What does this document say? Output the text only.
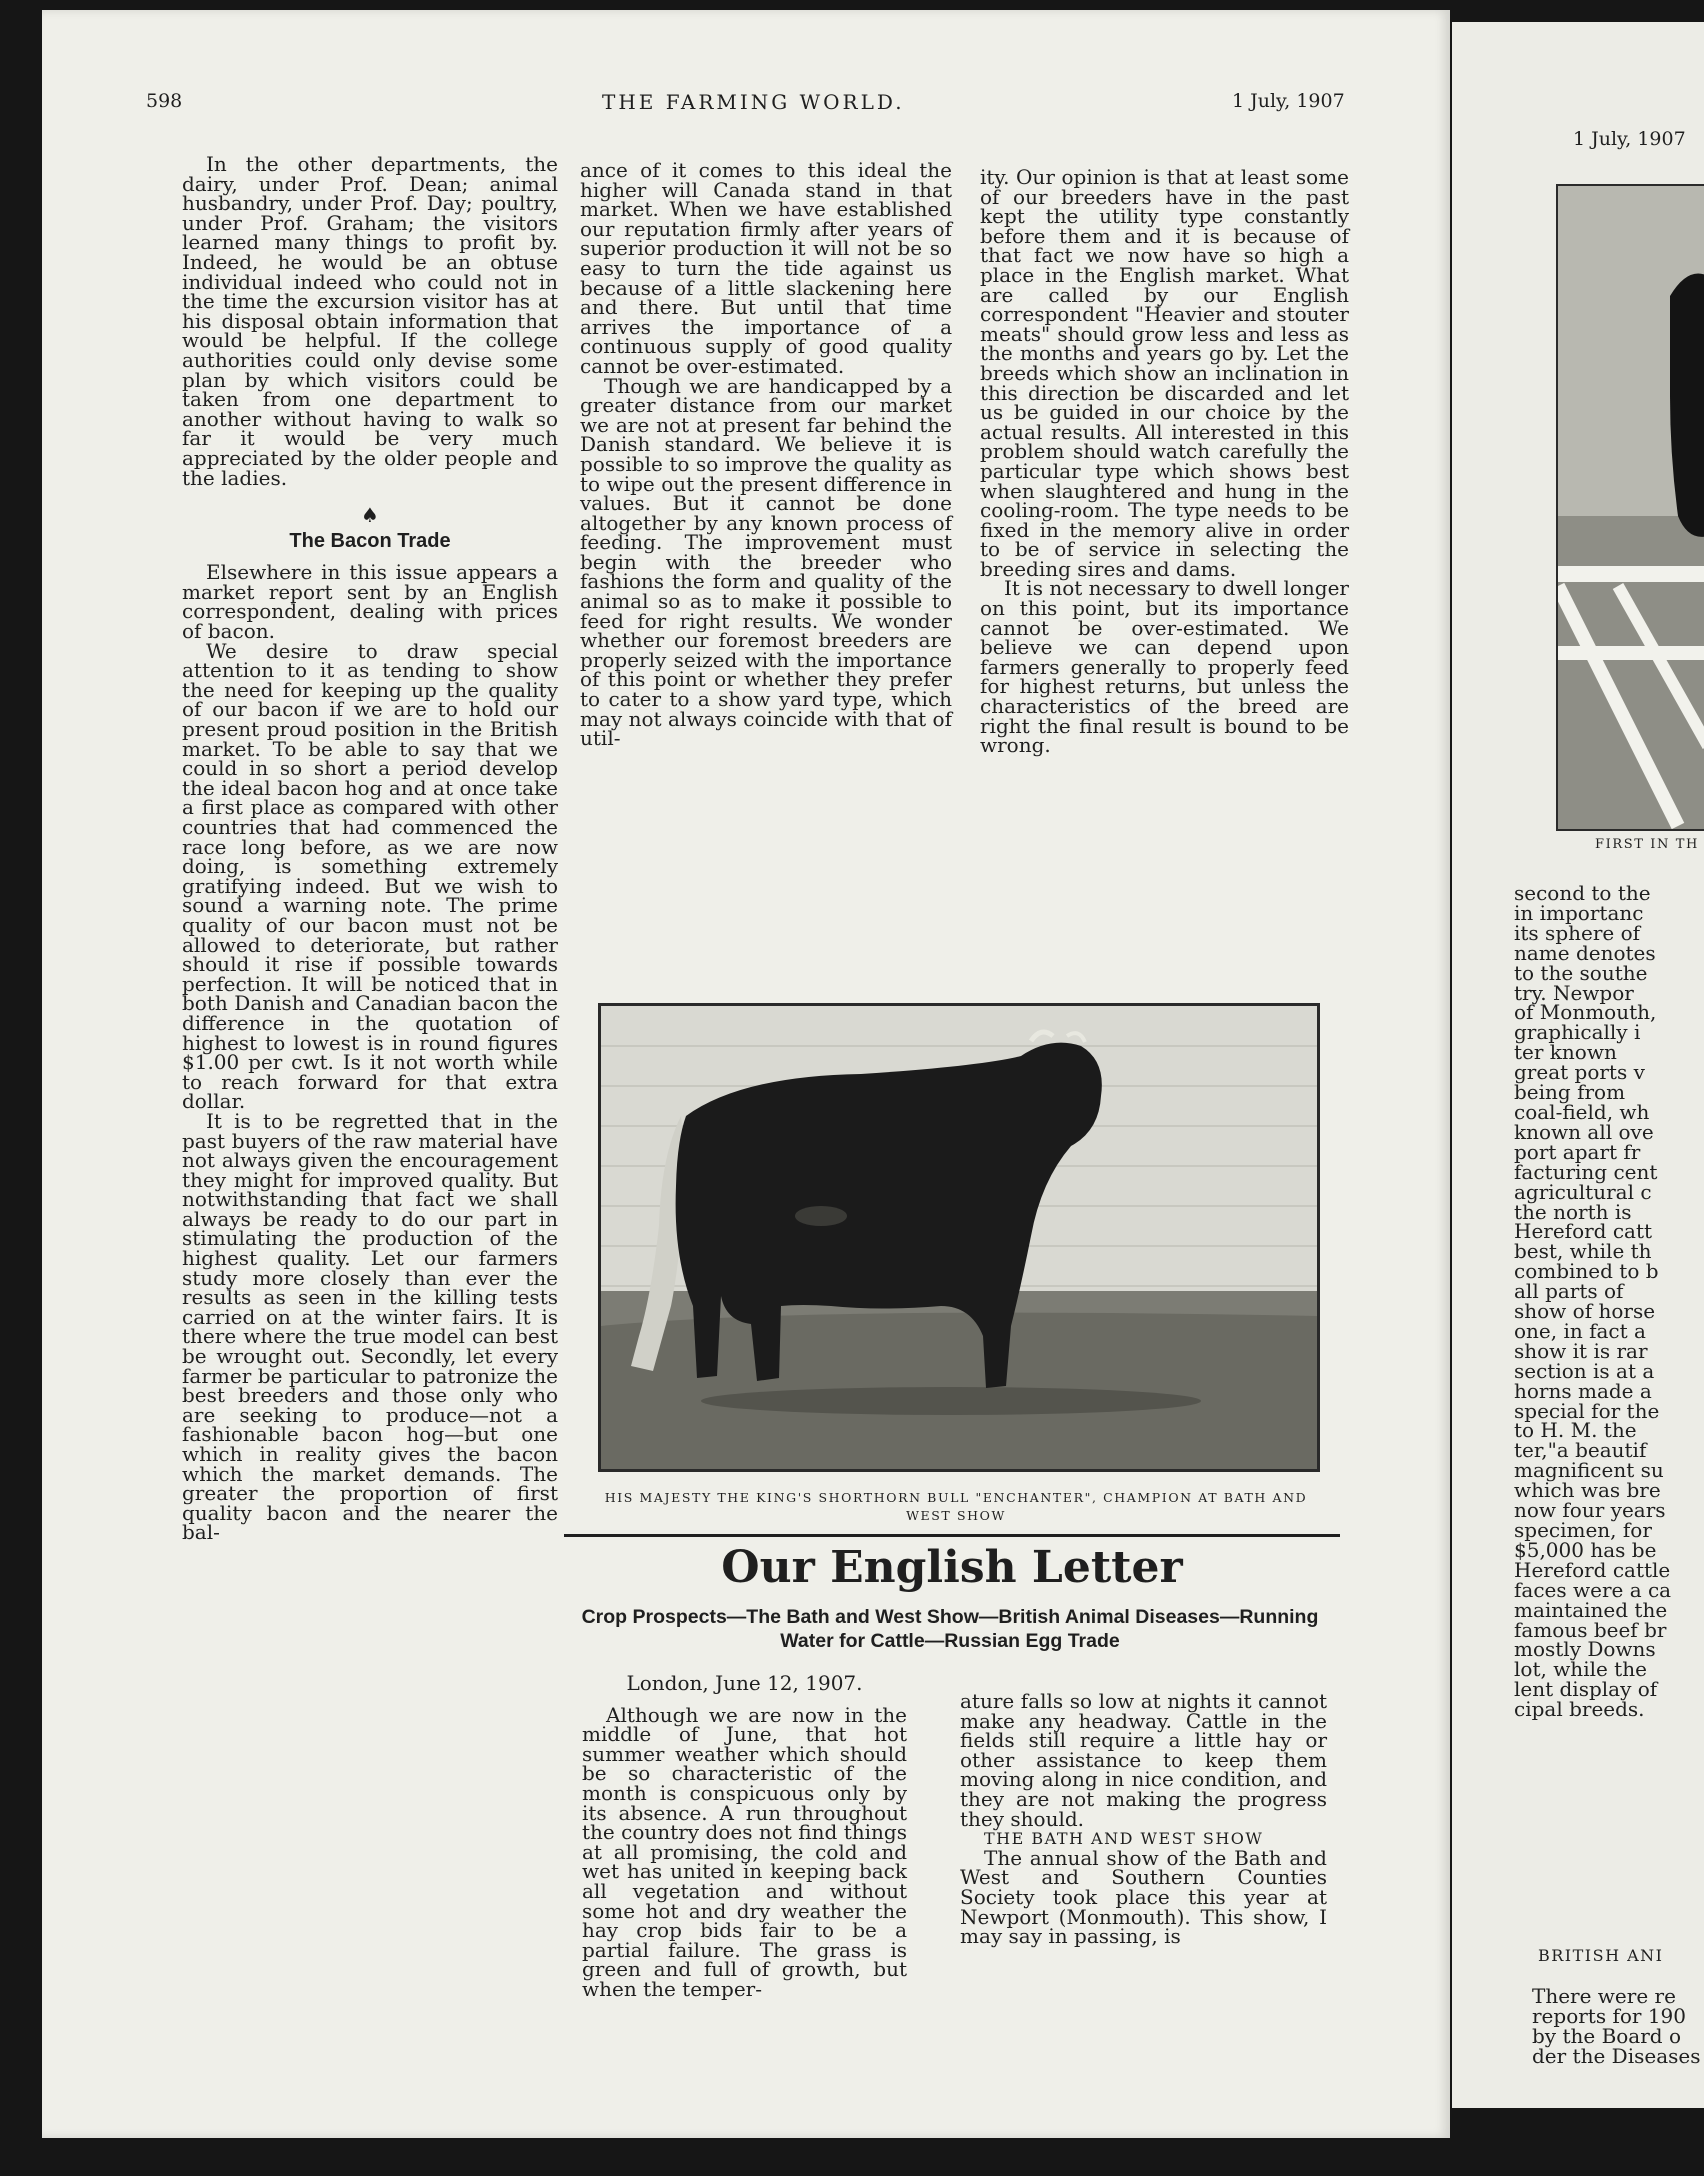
1 July, 1907
FIRST IN TH
second to the
in importanc
its sphere of
name denotes
to the southe
try. Newpor
of Monmouth,
graphically i
ter known
great ports v
being from
coal-field, wh
known all ove
port apart fr
facturing cent
agricultural c
the north is
Hereford catt
best, while th
combined to b
all parts of
show of horse
one, in fact a
show it is rar
section is at a
horns made a
special for the
to H. M. the
ter,"a beautif
magnificent su
which was bre
now four years
specimen, for
$5,000 has be
Hereford cattle
faces were a ca
maintained the
famous beef br
mostly Downs
lot, while the
lent display of
cipal breeds.
BRITISH ANI
There were re
reports for 190
by the Board o
der the Diseases
598	THE FARMING WORLD.	1 July, 1907

In the other departments, the dairy, under Prof. Dean; animal husbandry, under Prof. Day; poultry, under Prof. Graham; the visitors learned many things to profit by. Indeed, he would be an obtuse individual indeed who could not in the time the excursion visitor has at his disposal obtain information that would be helpful. If the college authorities could only devise some plan by which visitors could be taken from one department to another without having to walk so far it would be very much appreciated by the older people and the ladies.

♠
The Bacon Trade

Elsewhere in this issue appears a market report sent by an English correspondent, dealing with prices of bacon.

We desire to draw special attention to it as tending to show the need for keeping up the quality of our bacon if we are to hold our present proud position in the British market. To be able to say that we could in so short a period develop the ideal bacon hog and at once take a first place as compared with other countries that had commenced the race long before, as we are now doing, is something extremely gratifying indeed. But we wish to sound a warning note. The prime quality of our bacon must not be allowed to deteriorate, but rather should it rise if possible towards perfection. It will be noticed that in both Danish and Canadian bacon the difference in the quotation of highest to lowest is in round figures $1.00 per cwt. Is it not worth while to reach forward for that extra dollar.

It is to be regretted that in the past buyers of the raw material have not always given the encouragement they might for improved quality. But notwithstanding that fact we shall always be ready to do our part in stimulating the production of the highest quality. Let our farmers study more closely than ever the results as seen in the killing tests carried on at the winter fairs. It is there where the true model can best be wrought out. Secondly, let every farmer be particular to patronize the best breeders and those only who are seeking to produce—not a fashionable bacon hog—but one which in reality gives the bacon which the market demands. The greater the proportion of first quality bacon and the nearer the bal-

ance of it comes to this ideal the higher will Canada stand in that market. When we have established our reputation firmly after years of superior production it will not be so easy to turn the tide against us because of a little slackening here and there. But until that time arrives the importance of a continuous supply of good quality cannot be over-estimated.

Though we are handicapped by a greater distance from our market we are not at present far behind the Danish standard. We believe it is possible to so improve the quality as to wipe out the present difference in values. But it cannot be done altogether by any known process of feeding. The improvement must begin with the breeder who fashions the form and quality of the animal so as to make it possible to feed for right results. We wonder whether our foremost breeders are properly seized with the importance of this point or whether they prefer to cater to a show yard type, which may not always coincide with that of util-

ity. Our opinion is that at least some of our breeders have in the past kept the utility type constantly before them and it is because of that fact we now have so high a place in the English market. What are called by our English correspondent "Heavier and stouter meats" should grow less and less as the months and years go by. Let the breeds which show an inclination in this direction be discarded and let us be guided in our choice by the actual results. All interested in this problem should watch carefully the particular type which shows best when slaughtered and hung in the cooling-room. The type needs to be fixed in the memory alive in order to be of service in selecting the breeding sires and dams.

It is not necessary to dwell longer on this point, but its importance cannot be over-estimated. We believe we can depend upon farmers generally to properly feed for highest returns, but unless the characteristics of the breed are right the final result is bound to be wrong.

HIS MAJESTY THE KING'S SHORTHORN BULL "ENCHANTER", CHAMPION AT BATH AND WEST SHOW
Our English Letter
Crop Prospects—The Bath and West Show—British Animal Diseases—Running Water for Cattle—Russian Egg Trade
London, June 12, 1907.

Although we are now in the middle of June, that hot summer weather which should be so characteristic of the month is conspicuous only by its absence. A run throughout the country does not find things at all promising, the cold and wet has united in keeping back all vegetation and without some hot and dry weather the hay crop bids fair to be a partial failure. The grass is green and full of growth, but when the temper-

ature falls so low at nights it cannot make any headway. Cattle in the fields still require a little hay or other assistance to keep them moving along in nice condition, and they are not making the progress they should.

THE BATH AND WEST SHOW

The annual show of the Bath and West and Southern Counties Society took place this year at Newport (Monmouth). This show, I may say in passing, is
